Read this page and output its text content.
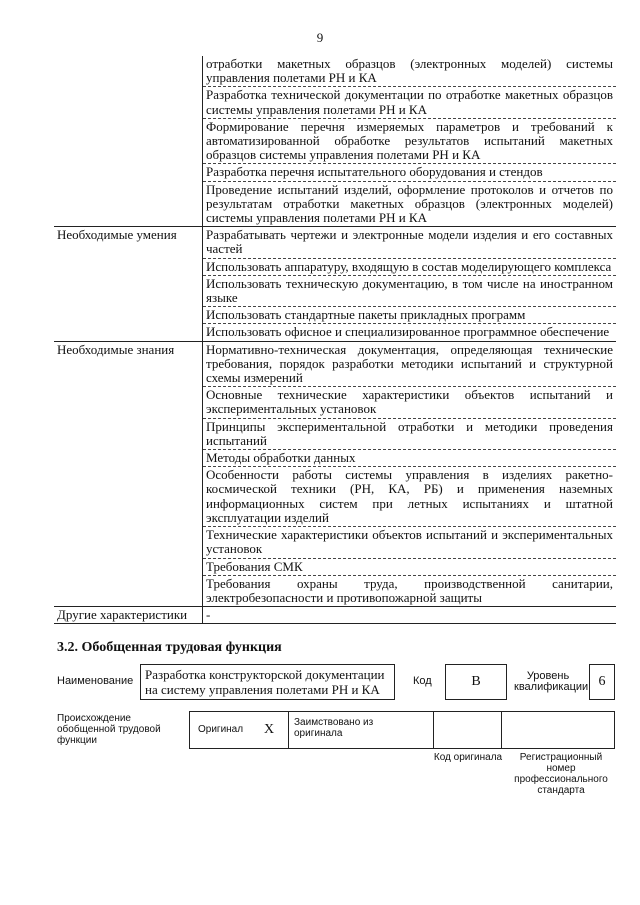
9
	отработки макетных образцов (электронных моделей) системы управления полетами РН и КА
	Разработка технической документации по отработке макетных образцов системы управления полетами РН и КА
	Формирование перечня измеряемых параметров и требований к автоматизированной обработке результатов испытаний макетных образцов системы управления полетами РН и КА
	Разработка перечня испытательного оборудования и стендов
	Проведение испытаний изделий, оформление протоколов и отчетов по результатам отработки макетных образцов (электронных моделей) системы управления полетами РН и КА
Необходимые умения	Разрабатывать чертежи и электронные модели изделия и его составных частей
	Использовать аппаратуру, входящую в состав моделирующего комплекса
	Использовать техническую документацию, в том числе на иностранном языке
	Использовать стандартные пакеты прикладных программ
	Использовать офисное и специализированное программное обеспечение
Необходимые знания	Нормативно-техническая документация, определяющая технические требования, порядок разработки методики испытаний и структурной схемы измерений
	Основные технические характеристики объектов испытаний и экспериментальных установок
	Принципы экспериментальной отработки и методики проведения испытаний
	Методы обработки данных
	Особенности работы системы управления в изделиях ракетно-космической техники (РН, КА, РБ) и применения наземных информационных систем при летных испытаниях и штатной эксплуатации изделий
	Технические характеристики объектов испытаний и экспериментальных установок
	Требования СМК
	Требования охраны труда, производственной санитарии, электробезопасности и противопожарной защиты
Другие характеристики	-
3.2. Обобщенная трудовая функция
Наименование Разработка конструкторской документации на систему управления полетами РН и КА
Код	B	Уровень квалификации 6
Происхождение обобщенной трудовой функции
Оригинал X Заимствовано из оригинала
Код оригинала	Регистрационный номер профессионального стандарта
